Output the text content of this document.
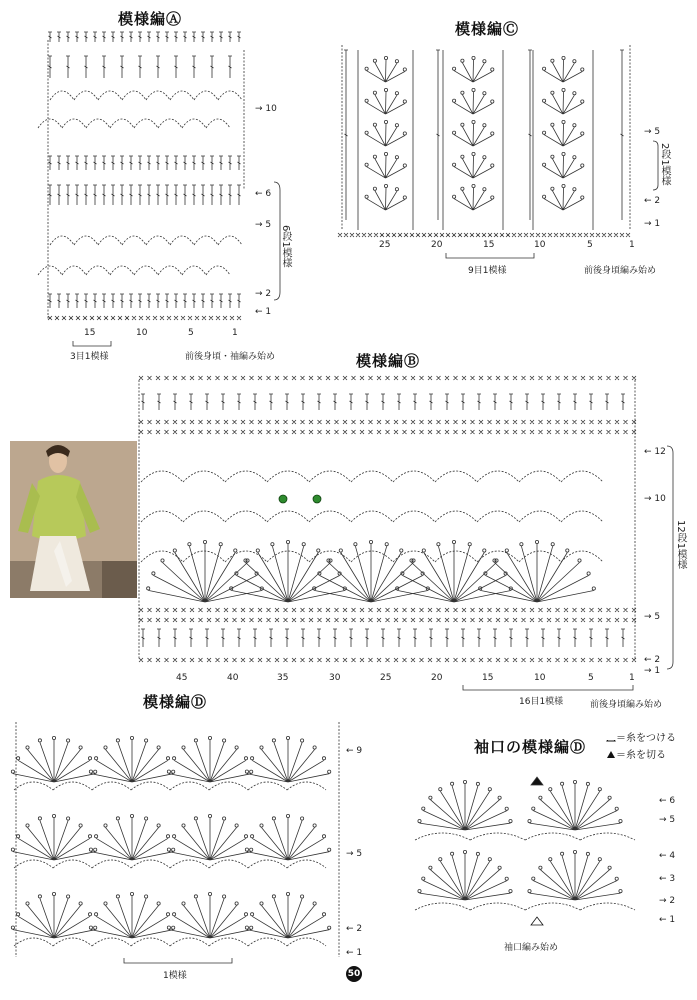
模様編Ⓐ
→ 10
← 6
→ 5
→ 2
← 1
6段1模様
15	10	5	1
3目1模様	前後身頃・袖編み始め
模様編Ⓒ
→ 5
← 2
→ 1
2段1模様
25	20	15	10	5	1
9目1模様	前後身頃編み始め
模様編Ⓑ
← 12
→ 10
→ 5
← 2
→ 1
12段1模様
45	40	35	30	25	20	15	10	5	1
16目1模様	前後身頃編み始め
模様編Ⓓ
← 9
→ 5
← 2
← 1
1模様
袖口の模様編Ⓓ	＝糸をつける
＝糸を切る
← 6
→ 5
← 4
← 3
→ 2
← 1
袖口編み始め
50
